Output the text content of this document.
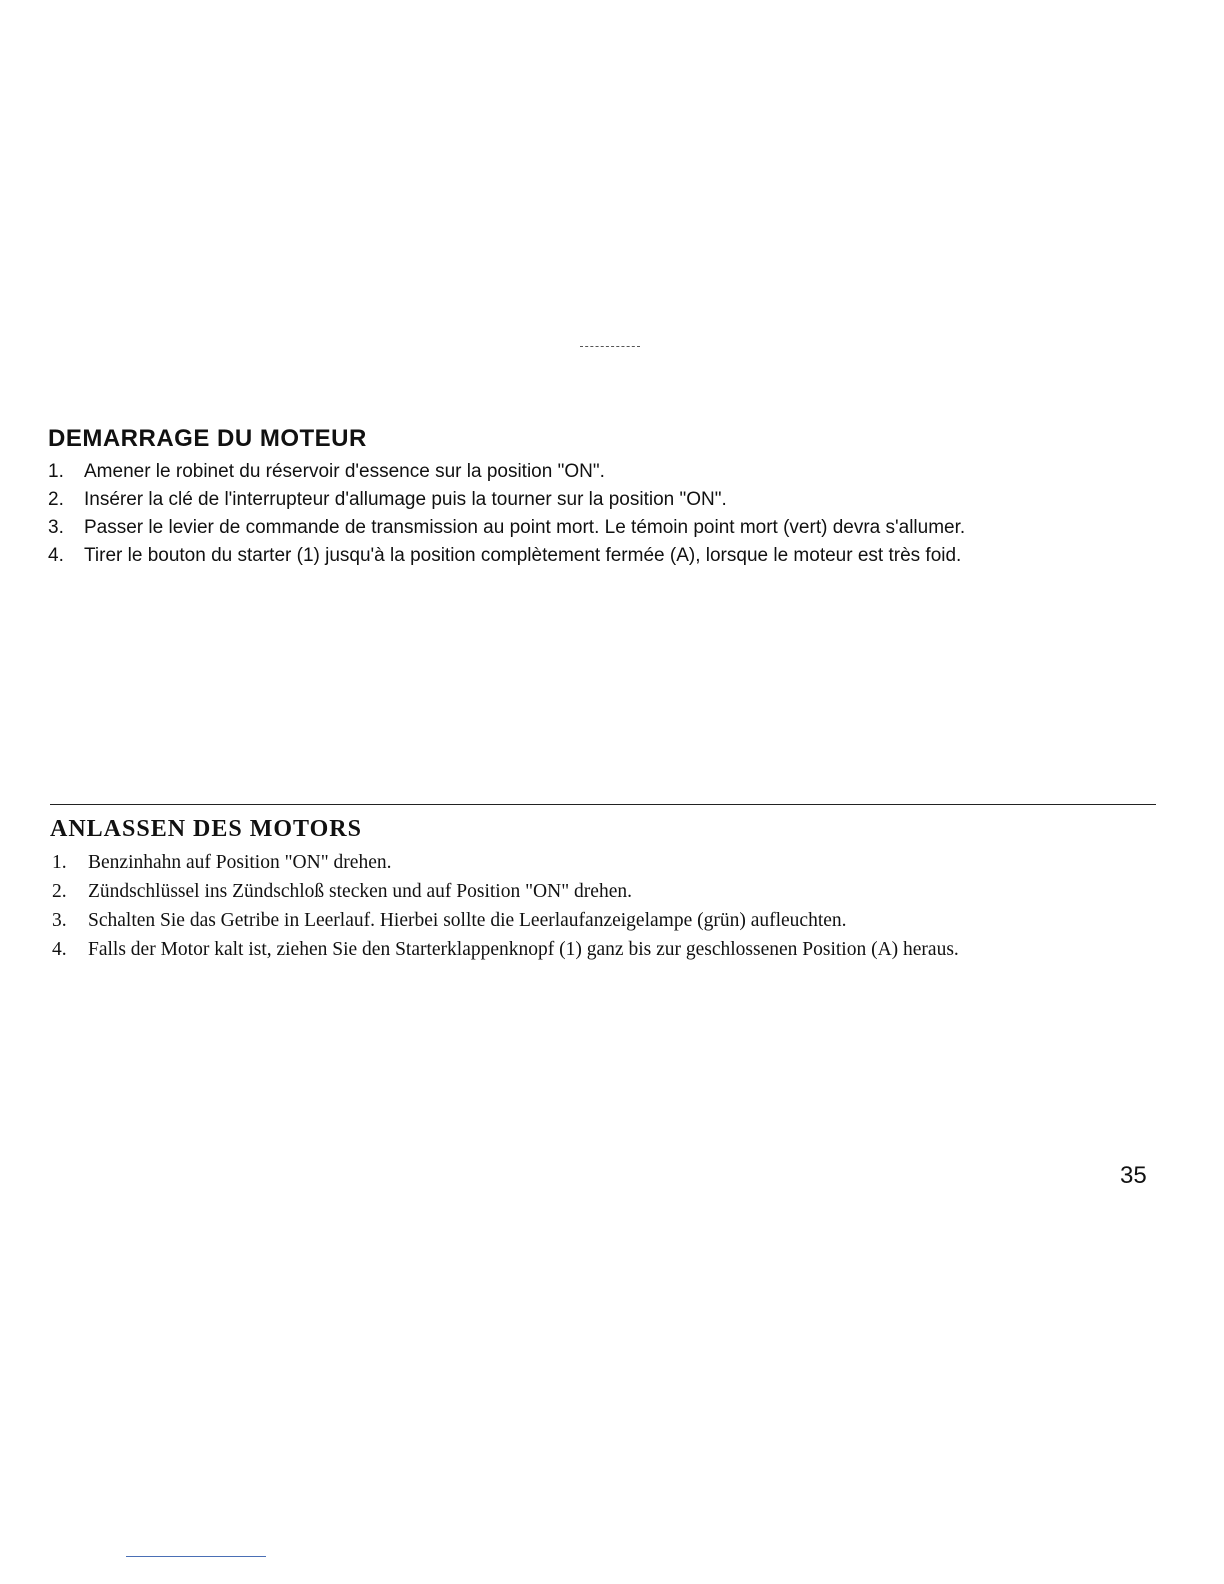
DEMARRAGE DU MOTEUR
1. Amener le robinet du réservoir d'essence sur la position "ON".
2. Insérer la clé de l'interrupteur d'allumage puis la tourner sur la position "ON".
3. Passer le levier de commande de transmission au point mort. Le témoin point mort (vert) devra s'allumer.
4. Tirer le bouton du starter (1) jusqu'à la position complètement fermée (A), lorsque le moteur est très foid.
ANLASSEN DES MOTORS
1. Benzinhahn auf Position "ON" drehen.
2. Zündschlüssel ins Zündschloß stecken und auf Position "ON" drehen.
3. Schalten Sie das Getribe in Leerlauf. Hierbei sollte die Leerlaufanzeigelampe (grün) aufleuchten.
4. Falls der Motor kalt ist, ziehen Sie den Starterklappenknopf (1) ganz bis zur geschlossenen Position (A) heraus.
35
